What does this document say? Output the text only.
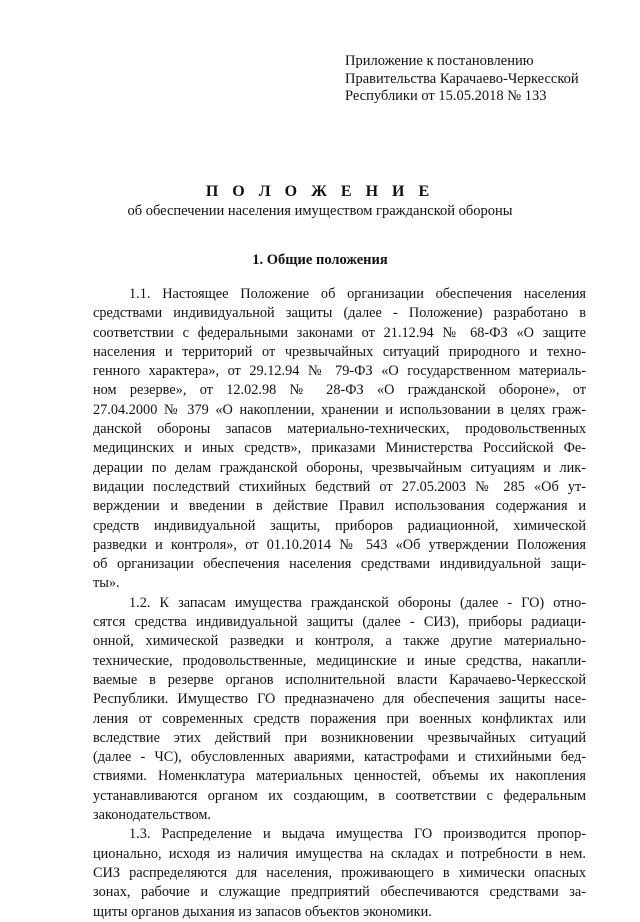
Приложение к постановлению
Правительства Карачаево-Черкесской
Республики от 15.05.2018 № 133
П О Л О Ж Е Н И Е
об обеспечении населения имуществом гражданской обороны
1. Общие положения
1.1. Настоящее Положение об организации обеспечения населения
средствами индивидуальной защиты (далее - Положение) разработано в
соответствии с федеральными законами от 21.12.94 № 68-ФЗ «О защите
населения и территорий от чрезвычайных ситуаций природного и техно-
генного характера», от 29.12.94 № 79-ФЗ «О государственном материаль-
ном резерве», от 12.02.98 № 28-ФЗ «О гражданской обороне», от
27.04.2000 № 379 «О накоплении, хранении и использовании в целях граж-
данской обороны запасов материально-технических, продовольственных
медицинских и иных средств», приказами Министерства Российской Фе-
дерации по делам гражданской обороны, чрезвычайным ситуациям и лик-
видации последствий стихийных бедствий от 27.05.2003 № 285 «Об ут-
верждении и введении в действие Правил использования содержания и
средств индивидуальной защиты, приборов радиационной, химической
разведки и контроля», от 01.10.2014 № 543 «Об утверждении Положения
об организации обеспечения населения средствами индивидуальной защи-
ты».
1.2. К запасам имущества гражданской обороны (далее - ГО) отно-
сятся средства индивидуальной защиты (далее - СИЗ), приборы радиаци-
онной, химической разведки и контроля, а также другие материально-
технические, продовольственные, медицинские и иные средства, накапли-
ваемые в резерве органов исполнительной власти Карачаево-Черкесской
Республики. Имущество ГО предназначено для обеспечения защиты насе-
ления от современных средств поражения при военных конфликтах или
вследствие этих действий при возникновении чрезвычайных ситуаций
(далее - ЧС), обусловленных авариями, катастрофами и стихийными бед-
ствиями. Номенклатура материальных ценностей, объемы их накопления
устанавливаются органом их создающим, в соответствии с федеральным
законодательством.
1.3. Распределение и выдача имущества ГО производится пропор-
ционально, исходя из наличия имущества на складах и потребности в нем.
СИЗ распределяются для населения, проживающего в химически опасных
зонах, рабочие и служащие предприятий обеспечиваются средствами за-
щиты органов дыхания из запасов объектов экономики.
